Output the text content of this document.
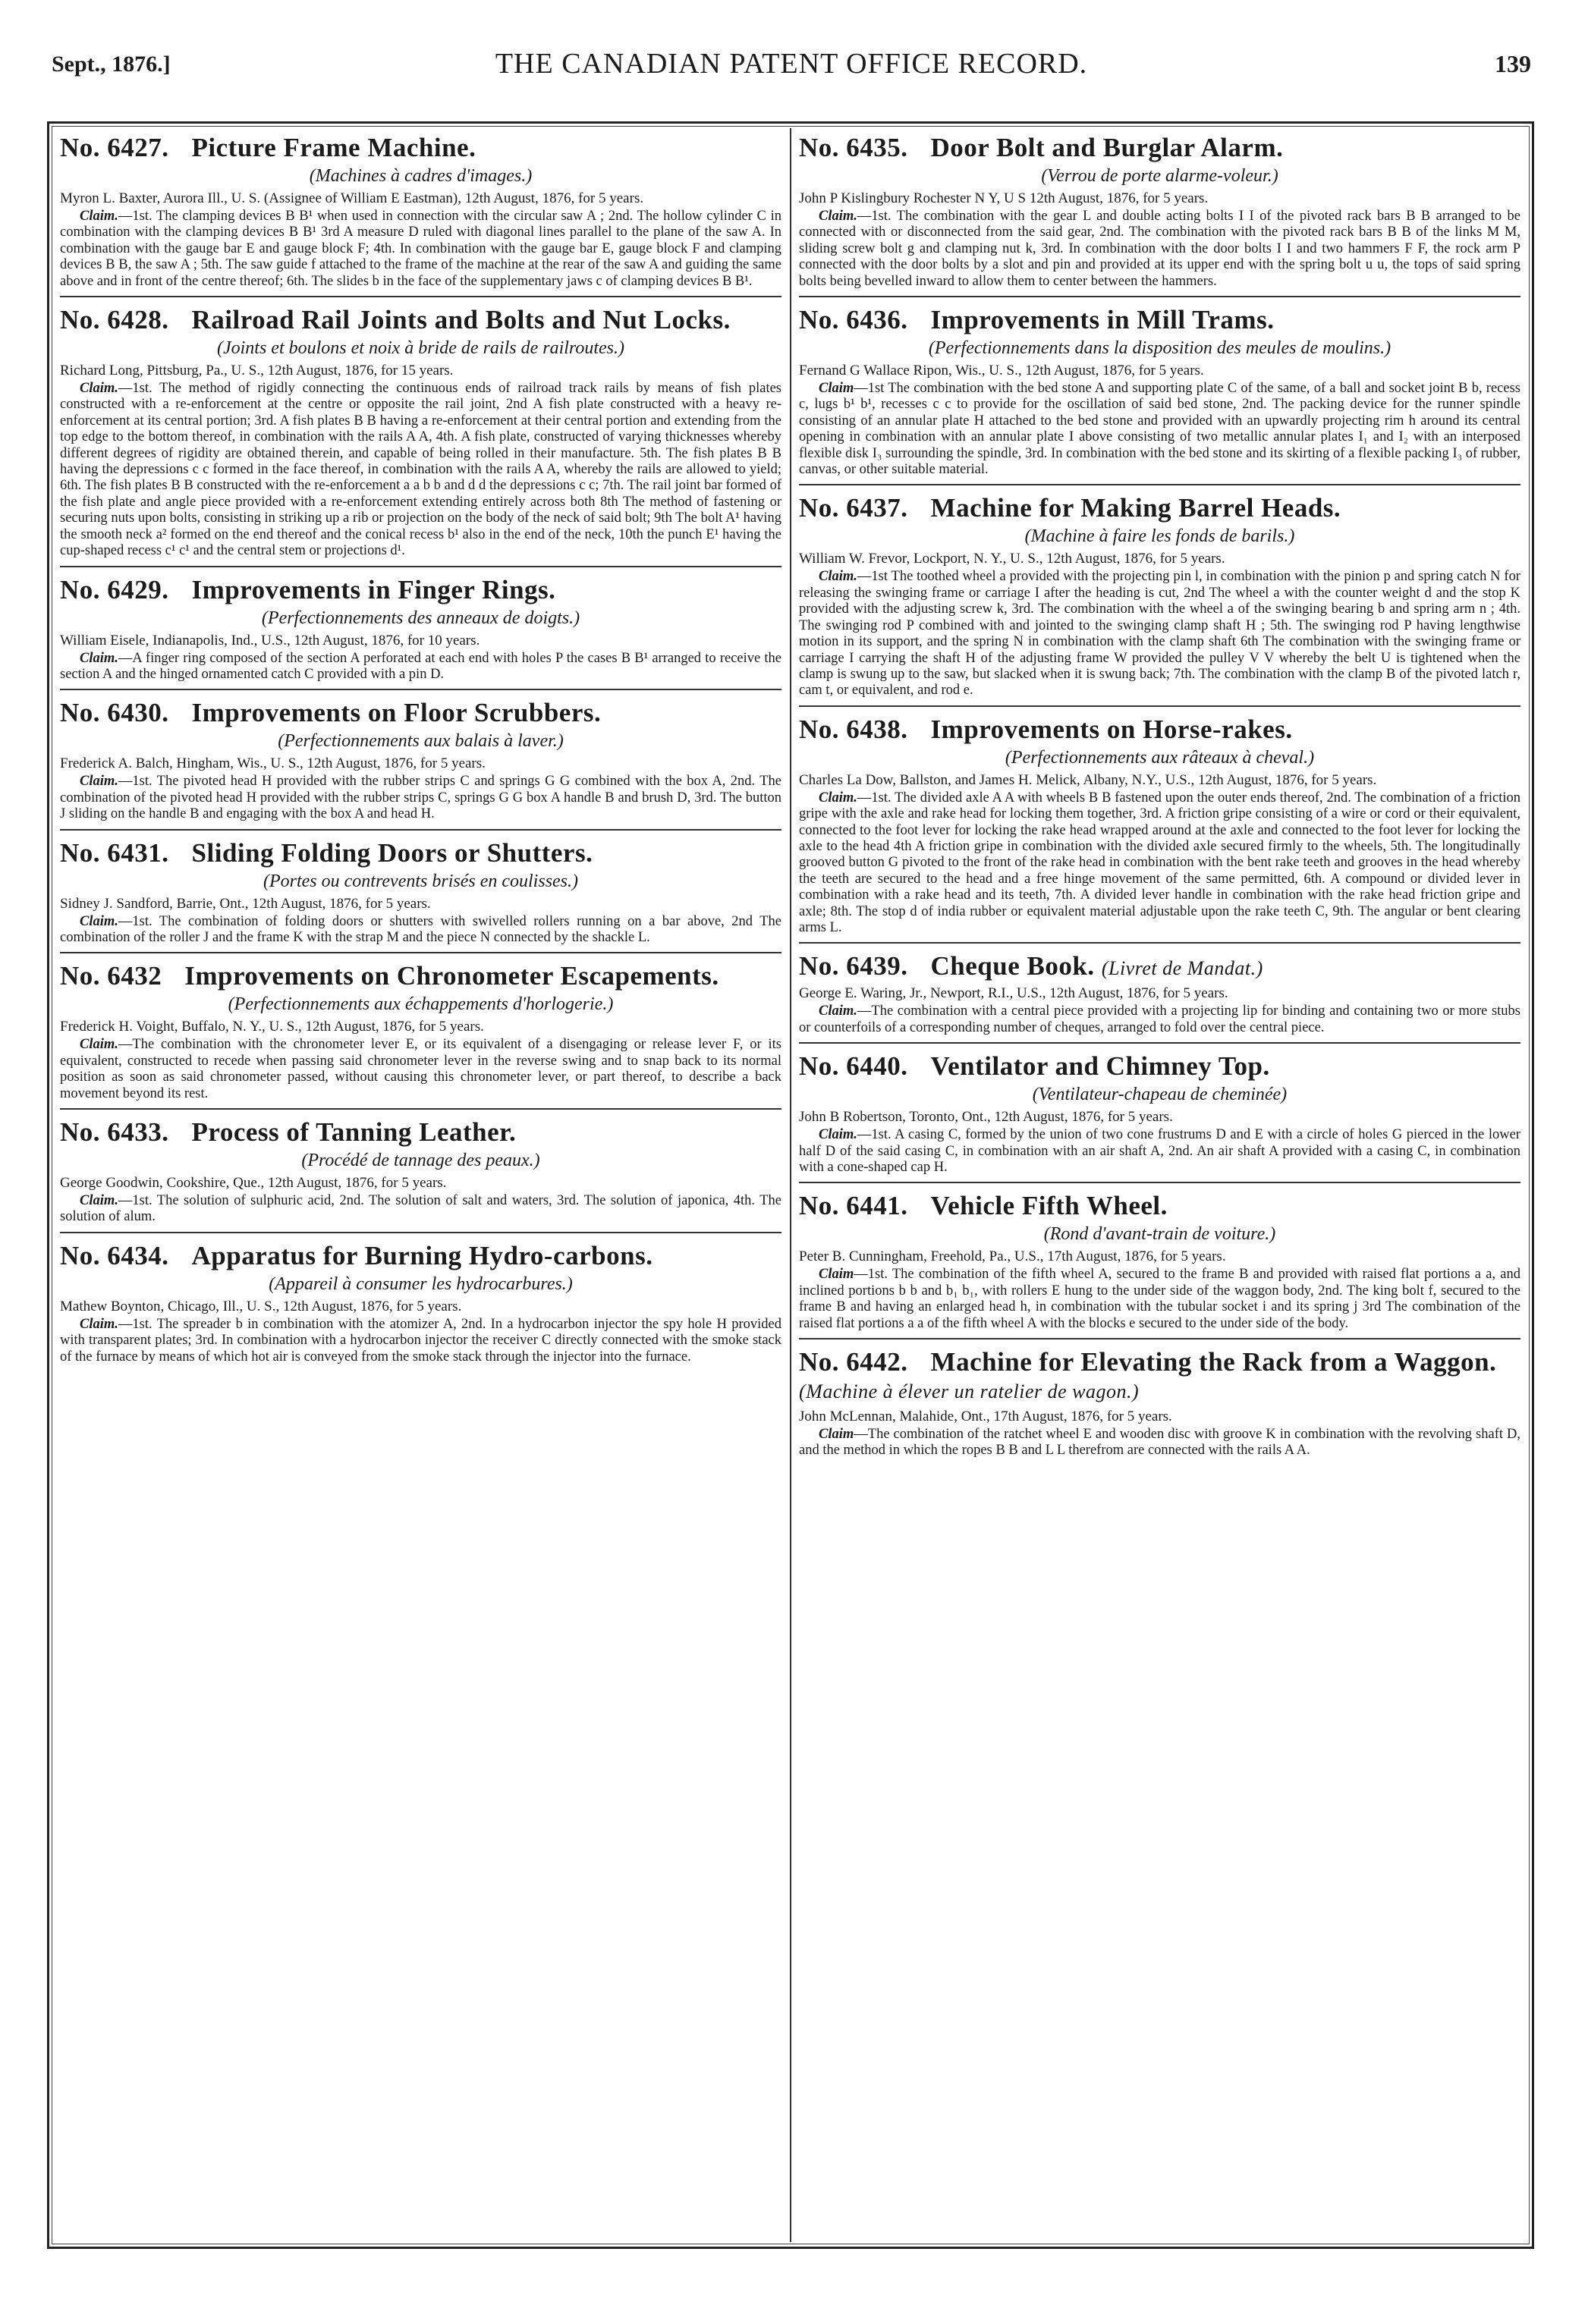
Sept., 1876.]	THE CANADIAN PATENT OFFICE RECORD.	139
No. 6427. Picture Frame Machine.
(Machines à cadres d'images.)
Myron L. Baxter, Aurora Ill., U. S. (Assignee of William E Eastman), 12th August, 1876, for 5 years.

Claim.—1st. The clamping devices B B¹ when used in connection with the circular saw A ; 2nd. The hollow cylinder C in combination with the clamping devices B B¹ 3rd A measure D ruled with diagonal lines parallel to the plane of the saw A. In combination with the gauge bar E and gauge block F; 4th. In combination with the gauge bar E, gauge block F and clamping devices B B, the saw A ; 5th. The saw guide f attached to the frame of the machine at the rear of the saw A and guiding the same above and in front of the centre thereof; 6th. The slides b in the face of the supplementary jaws c of clamping devices B B¹.

No. 6428. Railroad Rail Joints and Bolts and Nut Locks.
(Joints et boulons et noix à bride de rails de railroutes.)
Richard Long, Pittsburg, Pa., U. S., 12th August, 1876, for 15 years.

Claim.—1st. The method of rigidly connecting the continuous ends of railroad track rails by means of fish plates constructed with a re-enforcement at the centre or opposite the rail joint, 2nd A fish plate constructed with a heavy re-enforcement at its central portion; 3rd. A fish plates B B having a re-enforcement at their central portion and extending from the top edge to the bottom thereof, in combination with the rails A A, 4th. A fish plate, constructed of varying thicknesses whereby different degrees of rigidity are obtained therein, and capable of being rolled in their manufacture. 5th. The fish plates B B having the depressions c c formed in the face thereof, in combination with the rails A A, whereby the rails are allowed to yield; 6th. The fish plates B B constructed with the re-enforcement a a b b and d d the depressions c c; 7th. The rail joint bar formed of the fish plate and angle piece provided with a re-enforcement extending entirely across both 8th The method of fastening or securing nuts upon bolts, consisting in striking up a rib or projection on the body of the neck of said bolt; 9th The bolt A¹ having the smooth neck a² formed on the end thereof and the conical recess b¹ also in the end of the neck, 10th the punch E¹ having the cup-shaped recess c¹ c¹ and the central stem or projections d¹.

No. 6429. Improvements in Finger Rings.
(Perfectionnements des anneaux de doigts.)
William Eisele, Indianapolis, Ind., U.S., 12th August, 1876, for 10 years.

Claim.—A finger ring composed of the section A perforated at each end with holes P the cases B B¹ arranged to receive the section A and the hinged ornamented catch C provided with a pin D.

No. 6430. Improvements on Floor Scrubbers.
(Perfectionnements aux balais à laver.)
Frederick A. Balch, Hingham, Wis., U. S., 12th August, 1876, for 5 years.

Claim.—1st. The pivoted head H provided with the rubber strips C and springs G G combined with the box A, 2nd. The combination of the pivoted head H provided with the rubber strips C, springs G G box A handle B and brush D, 3rd. The button J sliding on the handle B and engaging with the box A and head H.

No. 6431. Sliding Folding Doors or Shutters.
(Portes ou contrevents brisés en coulisses.)
Sidney J. Sandford, Barrie, Ont., 12th August, 1876, for 5 years.

Claim.—1st. The combination of folding doors or shutters with swivelled rollers running on a bar above, 2nd The combination of the roller J and the frame K with the strap M and the piece N connected by the shackle L.

No. 6432 Improvements on Chronometer Escapements.
(Perfectionnements aux échappements d'horlogerie.)
Frederick H. Voight, Buffalo, N. Y., U. S., 12th August, 1876, for 5 years.

Claim.—The combination with the chronometer lever E, or its equivalent of a disengaging or release lever F, or its equivalent, constructed to recede when passing said chronometer lever in the reverse swing and to snap back to its normal position as soon as said chronometer passed, without causing this chronometer lever, or part thereof, to describe a back movement beyond its rest.

No. 6433. Process of Tanning Leather.
(Procédé de tannage des peaux.)
George Goodwin, Cookshire, Que., 12th August, 1876, for 5 years.

Claim.—1st. The solution of sulphuric acid, 2nd. The solution of salt and waters, 3rd. The solution of japonica, 4th. The solution of alum.

No. 6434. Apparatus for Burning Hydro-carbons.
(Appareil à consumer les hydrocarbures.)
Mathew Boynton, Chicago, Ill., U. S., 12th August, 1876, for 5 years.

Claim.—1st. The spreader b in combination with the atomizer A, 2nd. In a hydrocarbon injector the spy hole H provided with transparent plates; 3rd. In combination with a hydrocarbon injector the receiver C directly connected with the smoke stack of the furnace by means of which hot air is conveyed from the smoke stack through the injector into the furnace.

No. 6435. Door Bolt and Burglar Alarm.
(Verrou de porte alarme-voleur.)
John P Kislingbury Rochester N Y, U S 12th August, 1876, for 5 years.

Claim.—1st. The combination with the gear L and double acting bolts I I of the pivoted rack bars B B arranged to be connected with or disconnected from the said gear, 2nd. The combination with the pivoted rack bars B B of the links M M, sliding screw bolt g and clamping nut k, 3rd. In combination with the door bolts I I and two hammers F F, the rock arm P connected with the door bolts by a slot and pin and provided at its upper end with the spring bolt u u, the tops of said spring bolts being bevelled inward to allow them to center between the hammers.

No. 6436. Improvements in Mill Trams.
(Perfectionnements dans la disposition des meules de moulins.)
Fernand G Wallace Ripon, Wis., U. S., 12th August, 1876, for 5 years.

Claim—1st The combination with the bed stone A and supporting plate C of the same, of a ball and socket joint B b, recess c, lugs b¹ b¹, recesses c c to provide for the oscillation of said bed stone, 2nd. The packing device for the runner spindle consisting of an annular plate H attached to the bed stone and provided with an upwardly projecting rim h around its central opening in combination with an annular plate I above consisting of two metallic annular plates I₁ and I₂ with an interposed flexible disk I₃ surrounding the spindle, 3rd. In combination with the bed stone and its skirting of a flexible packing I₃ of rubber, canvas, or other suitable material.

No. 6437. Machine for Making Barrel Heads.
(Machine à faire les fonds de barils.)
William W. Frevor, Lockport, N. Y., U. S., 12th August, 1876, for 5 years.

Claim.—1st The toothed wheel a provided with the projecting pin l, in combination with the pinion p and spring catch N for releasing the swinging frame or carriage I after the heading is cut, 2nd The wheel a with the counter weight d and the stop K provided with the adjusting screw k, 3rd. The combination with the wheel a of the swinging bearing b and spring arm n ; 4th. The swinging rod P combined with and jointed to the swinging clamp shaft H ; 5th. The swinging rod P having lengthwise motion in its support, and the spring N in combination with the clamp shaft 6th The combination with the swinging frame or carriage I carrying the shaft H of the adjusting frame W provided the pulley V V whereby the belt U is tightened when the clamp is swung up to the saw, but slacked when it is swung back; 7th. The combination with the clamp B of the pivoted latch r, cam t, or equivalent, and rod e.

No. 6438. Improvements on Horse-rakes.
(Perfectionnements aux râteaux à cheval.)
Charles La Dow, Ballston, and James H. Melick, Albany, N.Y., U.S., 12th August, 1876, for 5 years.

Claim.—1st. The divided axle A A with wheels B B fastened upon the outer ends thereof, 2nd. The combination of a friction gripe with the axle and rake head for locking them together, 3rd. A friction gripe consisting of a wire or cord or their equivalent, connected to the foot lever for locking the rake head wrapped around at the axle and connected to the foot lever for locking the axle to the head 4th A friction gripe in combination with the divided axle secured firmly to the wheels, 5th. The longitudinally grooved button G pivoted to the front of the rake head in combination with the bent rake teeth and grooves in the head whereby the teeth are secured to the head and a free hinge movement of the same permitted, 6th. A compound or divided lever in combination with a rake head and its teeth, 7th. A divided lever handle in combination with the rake head friction gripe and axle; 8th. The stop d of india rubber or equivalent material adjustable upon the rake teeth C, 9th. The angular or bent clearing arms L.

No. 6439. Cheque Book. (Livret de Mandat.)
George E. Waring, Jr., Newport, R.I., U.S., 12th August, 1876, for 5 years.

Claim.—The combination with a central piece provided with a projecting lip for binding and containing two or more stubs or counterfoils of a corresponding number of cheques, arranged to fold over the central piece.

No. 6440. Ventilator and Chimney Top.
(Ventilateur-chapeau de cheminée)
John B Robertson, Toronto, Ont., 12th August, 1876, for 5 years.

Claim.—1st. A casing C, formed by the union of two cone frustrums D and E with a circle of holes G pierced in the lower half D of the said casing C, in combination with an air shaft A, 2nd. An air shaft A provided with a casing C, in combination with a cone-shaped cap H.

No. 6441. Vehicle Fifth Wheel.
(Rond d'avant-train de voiture.)
Peter B. Cunningham, Freehold, Pa., U.S., 17th August, 1876, for 5 years.

Claim—1st. The combination of the fifth wheel A, secured to the frame B and provided with raised flat portions a a, and inclined portions b b and b₁ b₁, with rollers E hung to the under side of the waggon body, 2nd. The king bolt f, secured to the frame B and having an enlarged head h, in combination with the tubular socket i and its spring j 3rd The combination of the raised flat portions a a of the fifth wheel A with the blocks e secured to the under side of the body.

No. 6442. Machine for Elevating the Rack from a Waggon. (Machine à élever un ratelier de wagon.)
John McLennan, Malahide, Ont., 17th August, 1876, for 5 years.

Claim—The combination of the ratchet wheel E and wooden disc with groove K in combination with the revolving shaft D, and the method in which the ropes B B and L L therefrom are connected with the rails A A.
